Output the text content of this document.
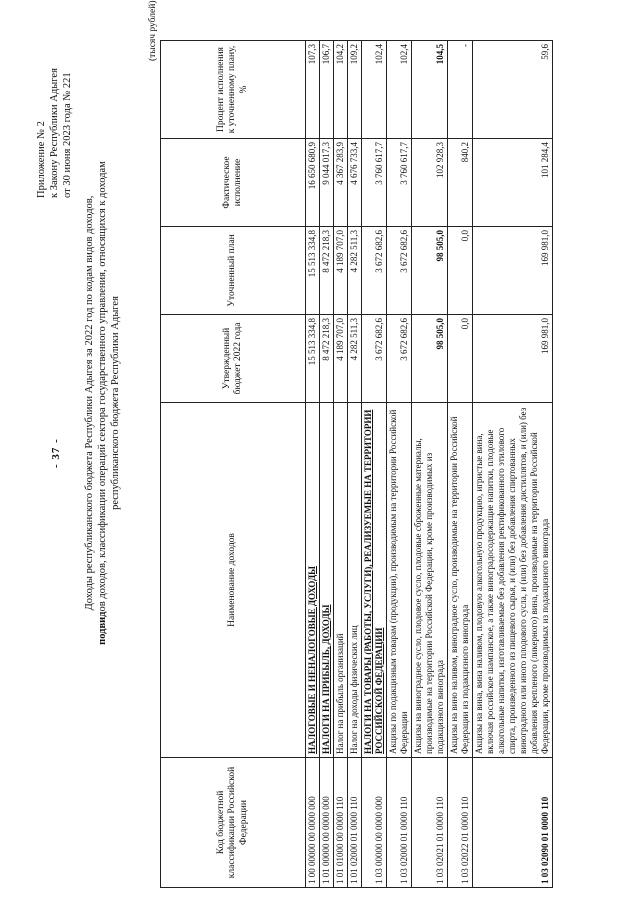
- 37 -
Приложение № 2 к Закону Республики Адыгея от 30 июня 2023 года № 221
Доходы республиканского бюджета Республики Адыгея за 2022 год по кодам видов доходов,
подвидов доходов, классификации операций сектора государственного управления, относящихся к доходам республиканского бюджета Республики Адыгея
(тысяч рублей)
Код бюджетной классификации Российской Федерации	Наименование доходов	Утвержденный бюджет 2022 года	Уточненный план	Фактическое исполнение	Процент исполнения к уточненному плану, %
1 00 00000 00 0000 000	НАЛОГОВЫЕ И НЕНАЛОГОВЫЕ ДОХОДЫ	15 513 334,8	15 513 334,8	16 650 680,9	107,3
1 01 00000 00 0000 000	НАЛОГИ НА ПРИБЫЛЬ, ДОХОДЫ	8 472 218,3	8 472 218,3	9 044 017,3	106,7
1 01 01000 00 0000 110	Налог на прибыль организаций	4 189 707,0	4 189 707,0	4 367 283,9	104,2
1 01 02000 01 0000 110	Налог на доходы физических лиц	4 282 511,3	4 282 511,3	4 676 733,4	109,2
1 03 00000 00 0000 000	НАЛОГИ НА ТОВАРЫ (РАБОТЫ, УСЛУГИ), РЕАЛИЗУЕМЫЕ НА ТЕРРИТОРИИ РОССИЙСКОЙ ФЕДЕРАЦИИ	3 672 682,6	3 672 682,6	3 760 617,7	102,4
1 03 02000 01 0000 110	Акцизы по подакцизным товарам (продукции), производимым на территории Российской Федерации	3 672 682,6	3 672 682,6	3 760 617,7	102,4
1 03 02021 01 0000 110	Акцизы на виноградное сусло, плодовое сусло, плодовые сброженные материалы, производимые на территории Российской Федерации, кроме производимых из подакцизного винограда	98 505,0	98 505,0	102 928,3	104,5
1 03 02022 01 0000 110	Акцизы на вино наливом, виноградное сусло, производимые на территории Российской Федерации из подакцизного винограда	0,0	0,0	840,2	-
1 03 02090 01 0000 110	Акцизы на вина, вина наливом, плодовую алкогольную продукцию, игристые вина, включая российское шампанское, а также виноградосодержащие напитки, плодовые алкогольные напитки, изготавливаемые без добавления ректификованного этилового спирта, произведенного из пищевого сырья, и (или) без добавления спиртованных виноградного или иного плодового сусла, и (или) без добавления дистиллятов, и (или) без добавления крепленого (ликерного) вина, производимые на территории Российской Федерации, кроме производимых из подакцизного винограда	169 981,0	169 981,0	101 284,4	59,6
